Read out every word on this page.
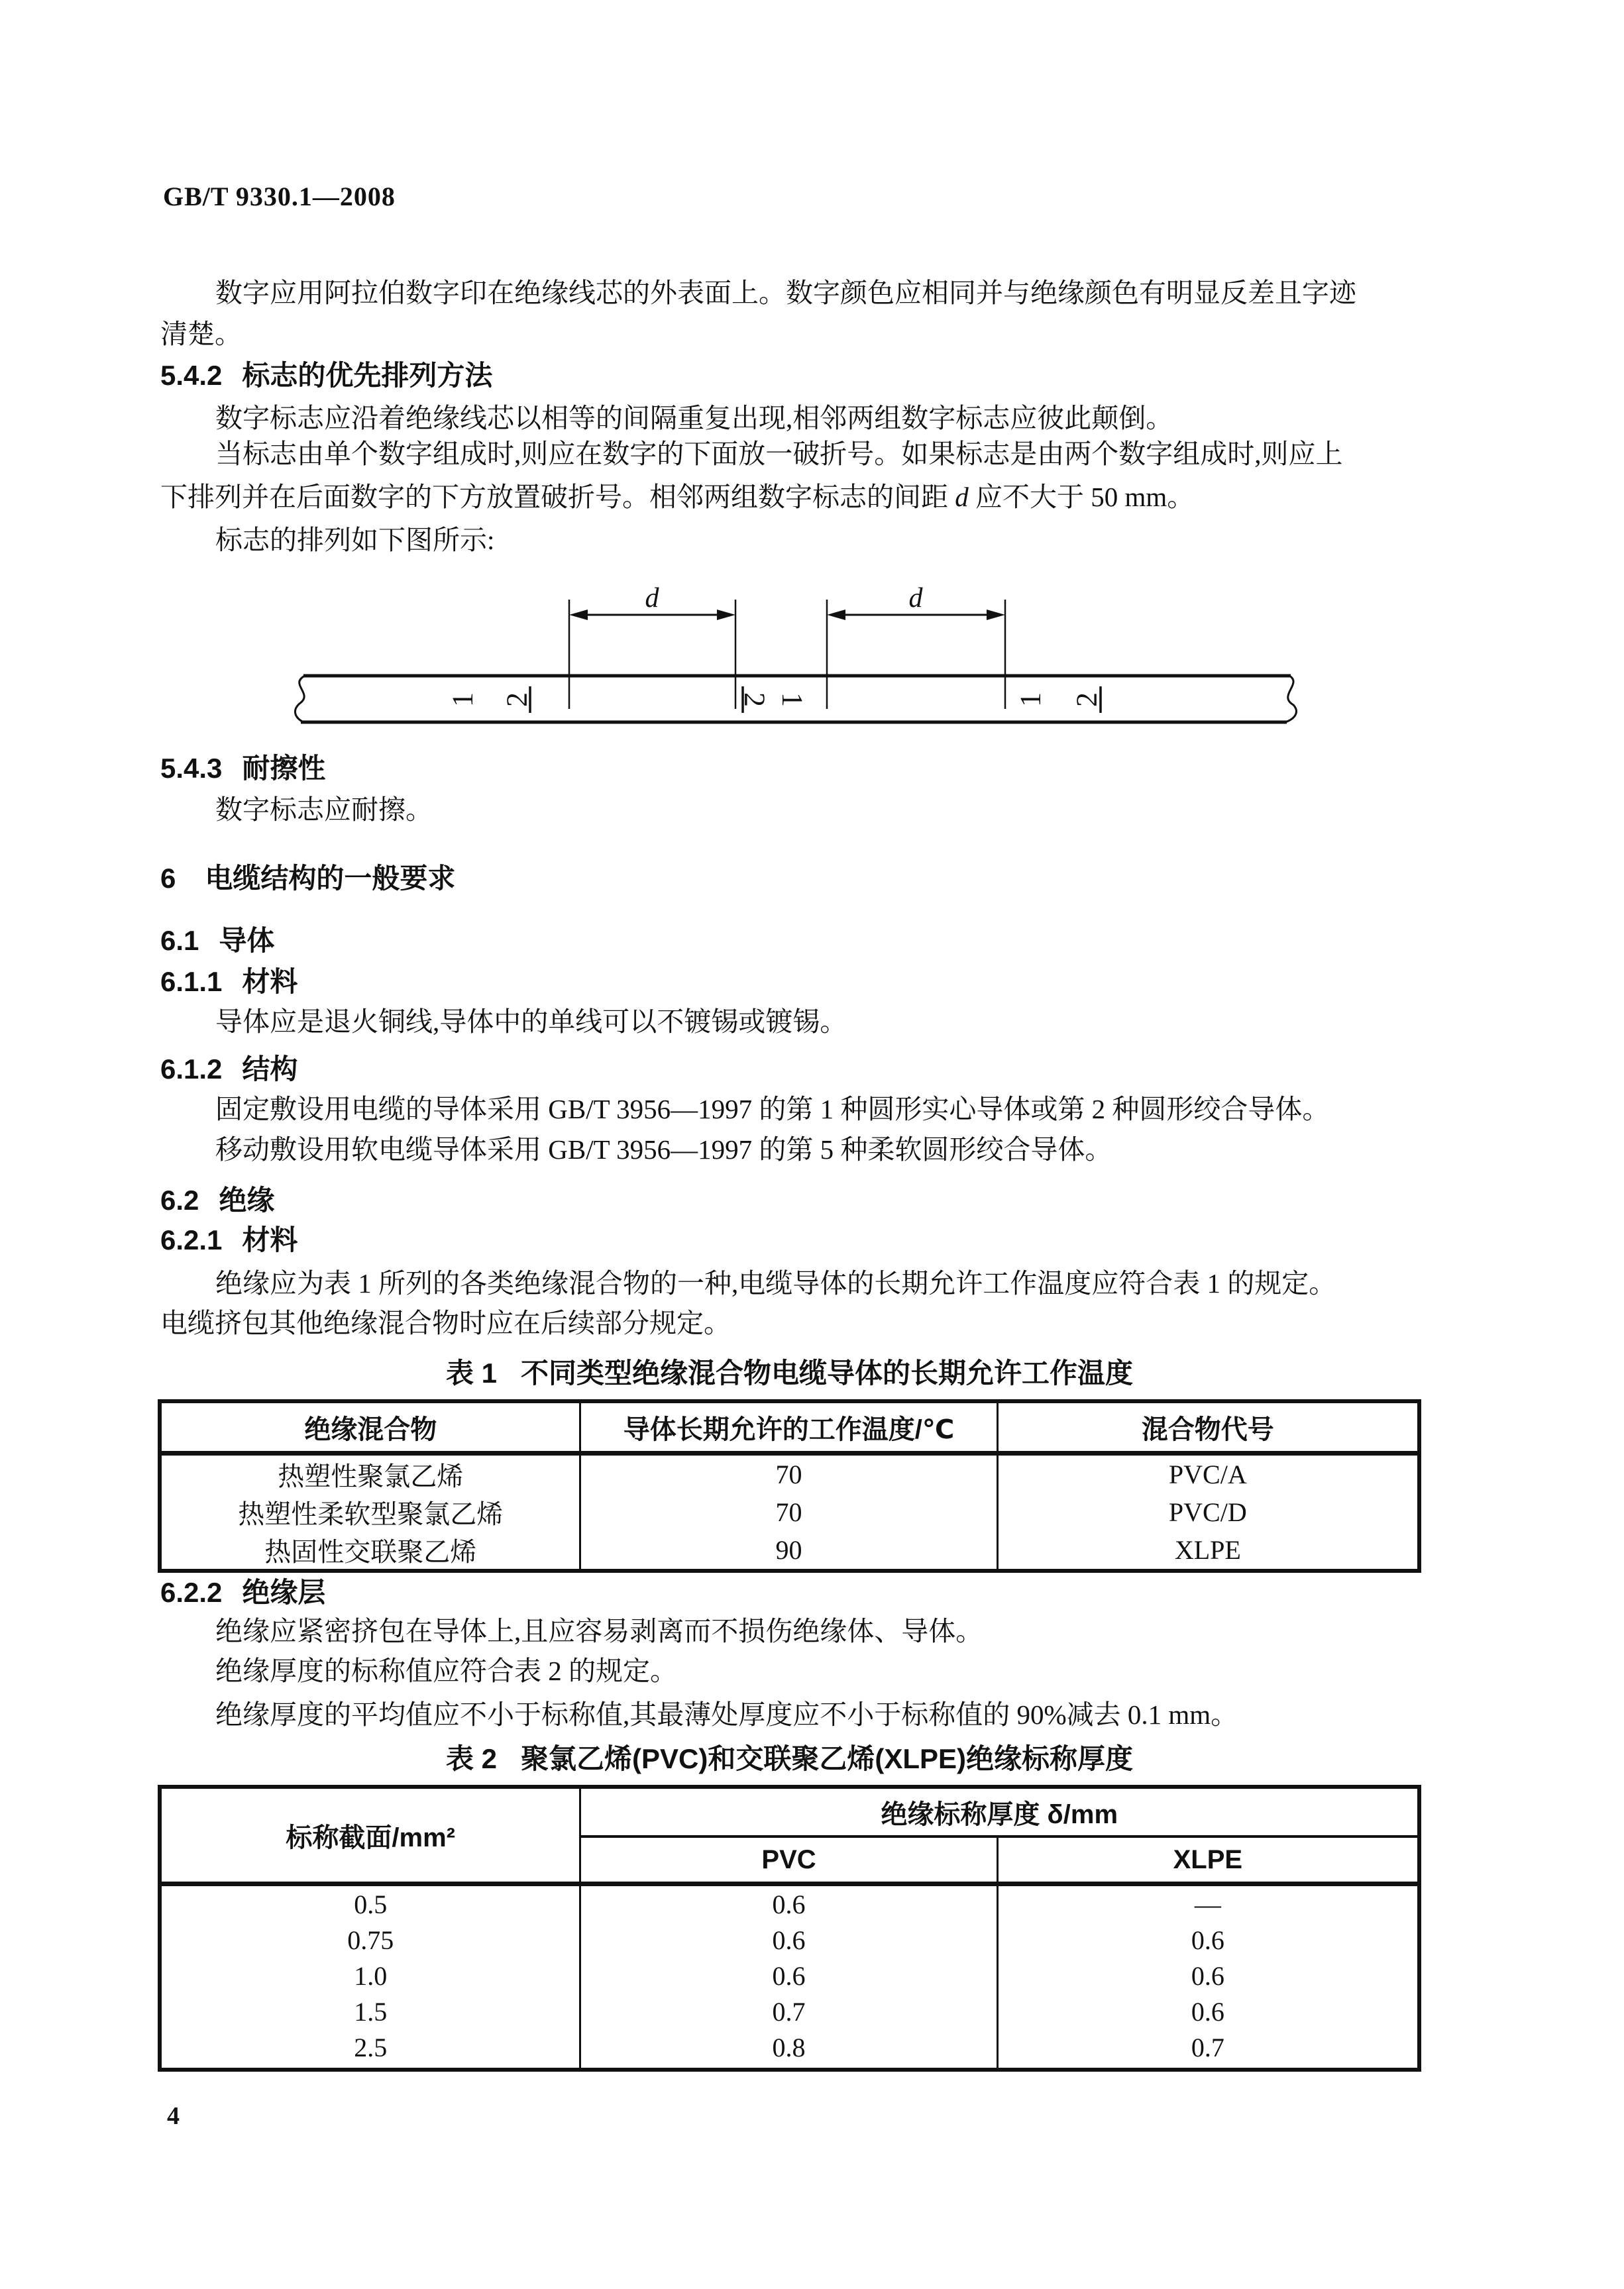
GB/T 9330.1—2008
数字应用阿拉伯数字印在绝缘线芯的外表面上。数字颜色应相同并与绝缘颜色有明显反差且字迹
清楚。
5.4.2 标志的优先排列方法
数字标志应沿着绝缘线芯以相等的间隔重复出现,相邻两组数字标志应彼此颠倒。
当标志由单个数字组成时,则应在数字的下面放一破折号。如果标志是由两个数字组成时,则应上
下排列并在后面数字的下方放置破折号。相邻两组数字标志的间距 d 应不大于 50 mm。
标志的排列如下图所示:
d	d
1 2	2 1	1 2
5.4.3 耐擦性
数字标志应耐擦。
6 电缆结构的一般要求
6.1 导体
6.1.1 材料
导体应是退火铜线,导体中的单线可以不镀锡或镀锡。
6.1.2 结构
固定敷设用电缆的导体采用 GB/T 3956—1997 的第 1 种圆形实心导体或第 2 种圆形绞合导体。
移动敷设用软电缆导体采用 GB/T 3956—1997 的第 5 种柔软圆形绞合导体。
6.2 绝缘
6.2.1 材料
绝缘应为表 1 所列的各类绝缘混合物的一种,电缆导体的长期允许工作温度应符合表 1 的规定。
电缆挤包其他绝缘混合物时应在后续部分规定。
表 1 不同类型绝缘混合物电缆导体的长期允许工作温度
绝缘混合物	导体长期允许的工作温度/℃	混合物代号
热塑性聚氯乙烯	70	PVC/A
热塑性柔软型聚氯乙烯	70	PVC/D
热固性交联聚乙烯	90	XLPE
6.2.2 绝缘层
绝缘应紧密挤包在导体上,且应容易剥离而不损伤绝缘体、导体。
绝缘厚度的标称值应符合表 2 的规定。
绝缘厚度的平均值应不小于标称值,其最薄处厚度应不小于标称值的 90%减去 0.1 mm。
表 2 聚氯乙烯(PVC)和交联聚乙烯(XLPE)绝缘标称厚度
标称截面/mm²	绝缘标称厚度 δ/mm	
	PVC	XLPE
0.5	0.6	—
0.75	0.6	0.6
1.0	0.6	0.6
1.5	0.7	0.6
2.5	0.8	0.7
4
